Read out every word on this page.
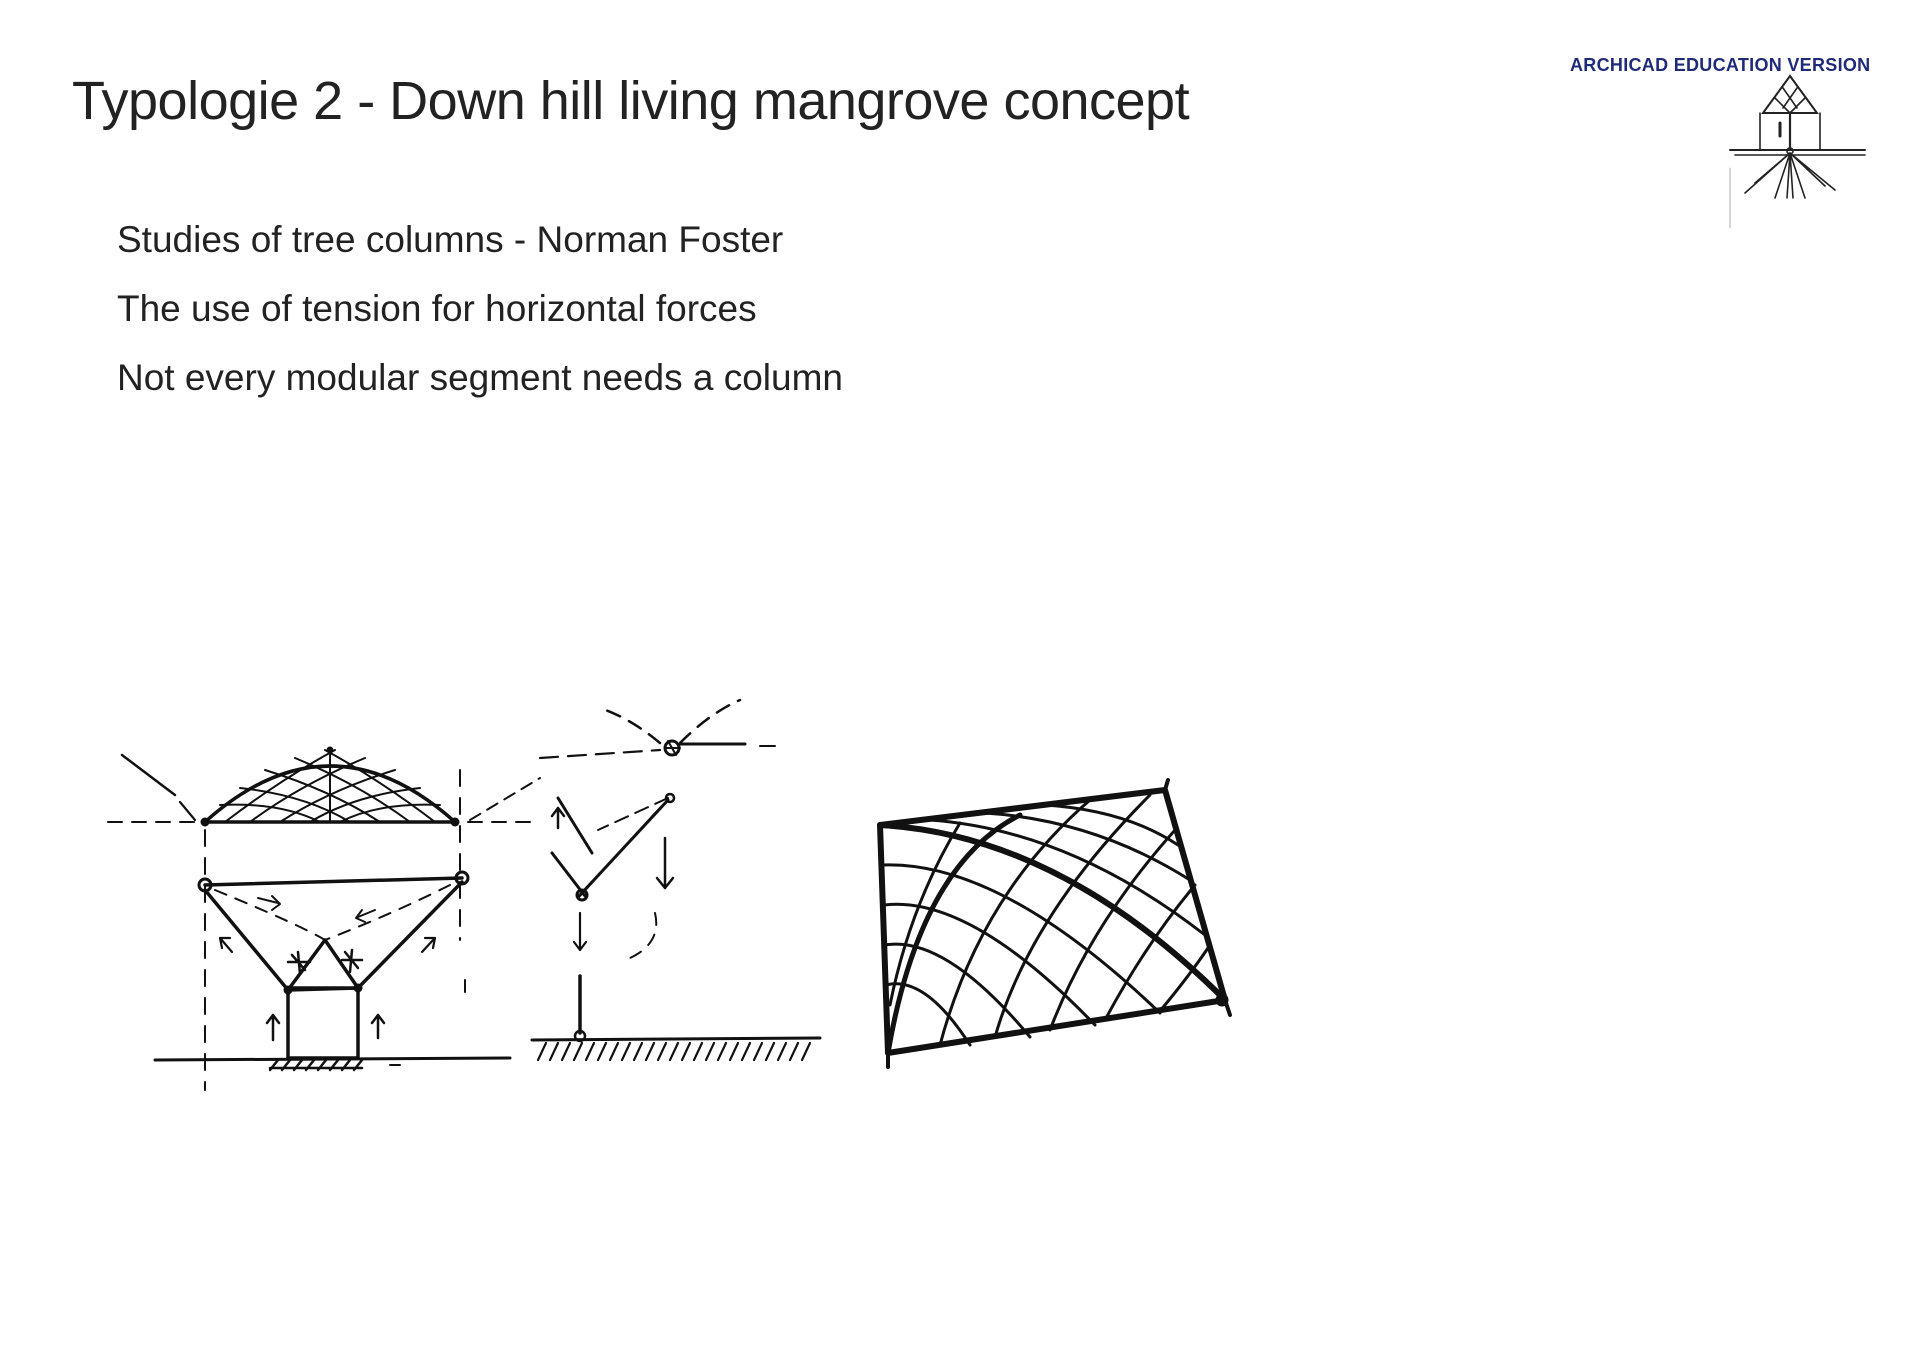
Typologie 2 - Down hill living mangrove concept
Studies of tree columns - Norman Foster
The use of tension for horizontal forces
Not every modular segment needs a column
ARCHICAD EDUCATION VERSION
